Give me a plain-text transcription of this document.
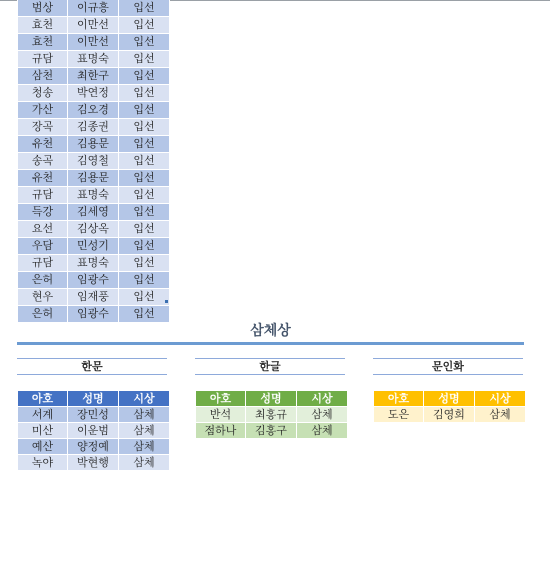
범상	이규흥	입선
효천	이만선	입선
효천	이만선	입선
규담	표명숙	입선
삼천	최한구	입선
청송	박연정	입선
가산	김오경	입선
장곡	김종권	입선
유천	김용문	입선
송곡	김영철	입선
유천	김용문	입선
규담	표명숙	입선
득강	김세영	입선
요선	김상옥	입선
우담	민성기	입선
규담	표명숙	입선
은허	임광수	입선
현우	임재풍	입선
은허	임광수	입선
삼체상
한문	한글	문인화
아호	성명	시상
서계	장민성	삼체
미산	이운범	삼체
예산	양정예	삼체
녹야	박현행	삼체
아호	성명	시상
반석	최홍규	삼체
점하나	김홍구	삼체
아호	성명	시상
도은	김영희	삼체
